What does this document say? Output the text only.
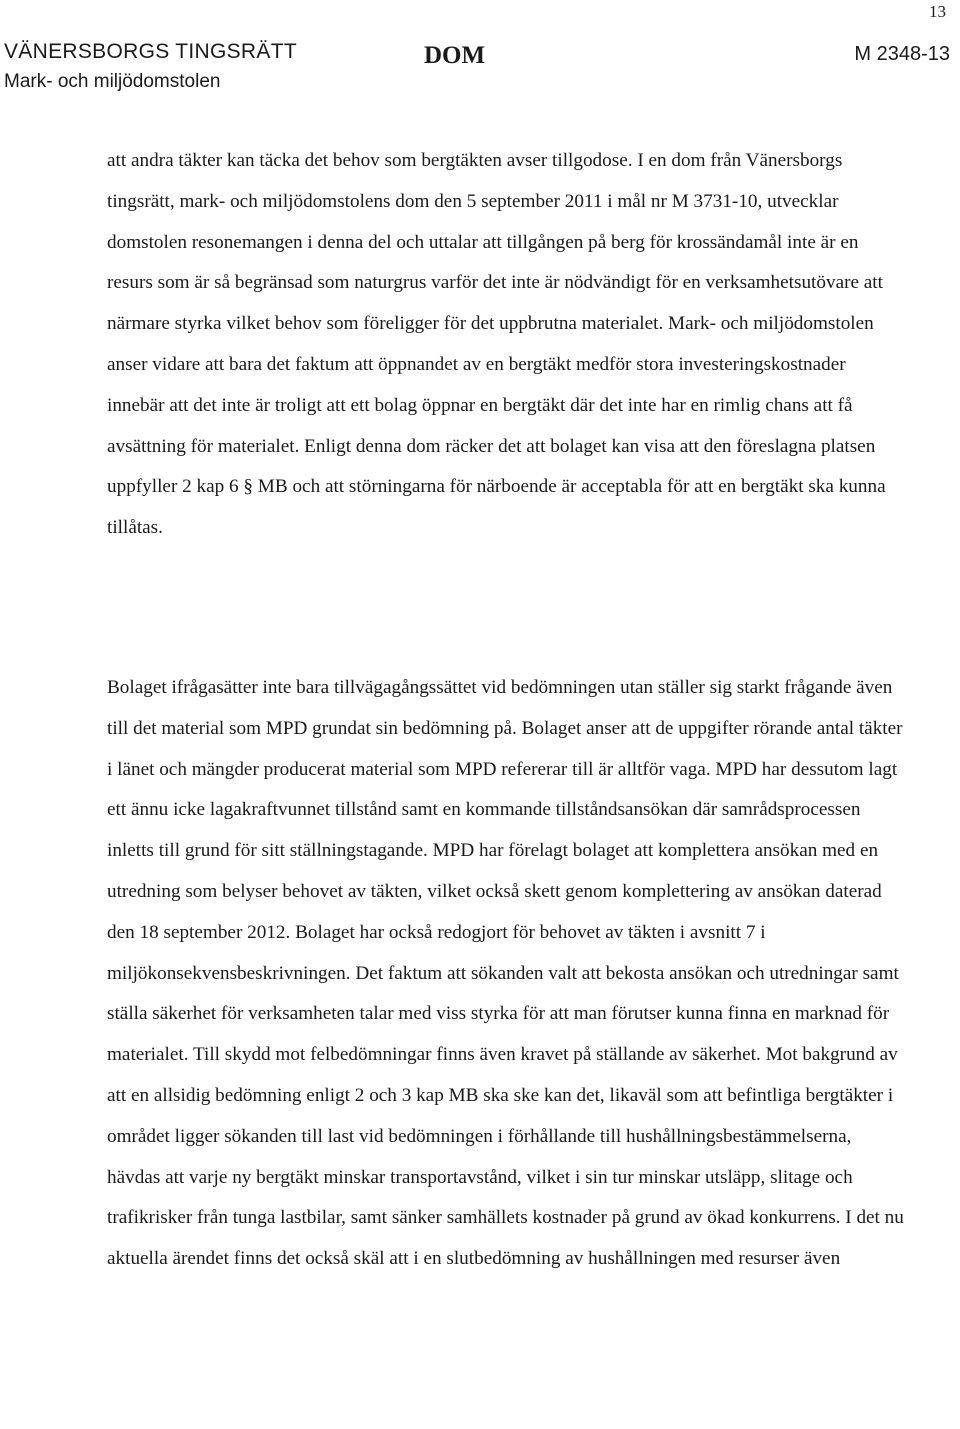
13
VÄNERSBORGS TINGSRÄTT
Mark- och miljödomstolen
DOM	M 2348-13

att andra täkter kan täcka det behov som bergtäkten avser tillgodose. I en dom från Vänersborgs tingsrätt, mark- och miljödomstolens dom den 5 september 2011 i mål nr M 3731-10, utvecklar domstolen resonemangen i denna del och uttalar att tillgången på berg för krossändamål inte är en resurs som är så begränsad som naturgrus varför det inte är nödvändigt för en verksamhetsutövare att närmare styrka vilket behov som föreligger för det uppbrutna materialet. Mark- och miljödomstolen anser vidare att bara det faktum att öppnandet av en bergtäkt medför stora investeringskostnader innebär att det inte är troligt att ett bolag öppnar en bergtäkt där det inte har en rimlig chans att få avsättning för materialet. Enligt denna dom räcker det att bolaget kan visa att den föreslagna platsen uppfyller 2 kap 6 § MB och att störningarna för närboende är acceptabla för att en bergtäkt ska kunna tillåtas.

Bolaget ifrågasätter inte bara tillvägagångssättet vid bedömningen utan ställer sig starkt frågande även till det material som MPD grundat sin bedömning på. Bolaget anser att de uppgifter rörande antal täkter i länet och mängder producerat material som MPD refererar till är alltför vaga. MPD har dessutom lagt ett ännu icke lagakraftvunnet tillstånd samt en kommande tillståndsansökan där samrådsprocessen inletts till grund för sitt ställningstagande. MPD har förelagt bolaget att komplettera ansökan med en utredning som belyser behovet av täkten, vilket också skett genom komplettering av ansökan daterad den 18 september 2012. Bolaget har också redogjort för behovet av täkten i avsnitt 7 i miljökonsekvensbeskrivningen. Det faktum att sökanden valt att bekosta ansökan och utredningar samt ställa säkerhet för verksamheten talar med viss styrka för att man förutser kunna finna en marknad för materialet. Till skydd mot felbedömningar finns även kravet på ställande av säkerhet. Mot bakgrund av att en allsidig bedömning enligt 2 och 3 kap MB ska ske kan det, likaväl som att befintliga bergtäkter i området ligger sökanden till last vid bedömningen i förhållande till hushållningsbestämmelserna, hävdas att varje ny bergtäkt minskar transportavstånd, vilket i sin tur minskar utsläpp, slitage och trafikrisker från tunga lastbilar, samt sänker samhällets kostnader på grund av ökad konkurrens. I det nu aktuella ärendet finns det också skäl att i en slutbedömning av hushållningen med resurser även
